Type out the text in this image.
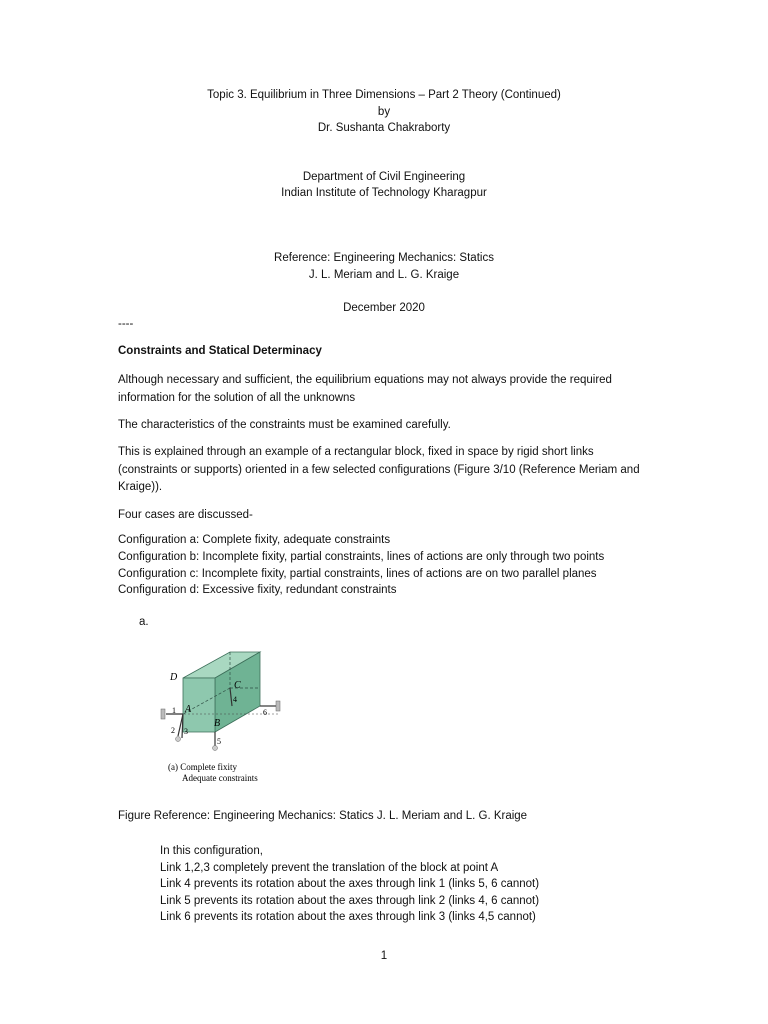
Topic 3. Equilibrium in Three Dimensions – Part 2 Theory (Continued)
by
Dr. Sushanta Chakraborty
Department of Civil Engineering
Indian Institute of Technology Kharagpur
Reference: Engineering Mechanics: Statics
J. L. Meriam and L. G. Kraige
December 2020
----
Constraints and Statical Determinacy
Although necessary and sufficient, the equilibrium equations may not always provide the required information for the solution of all the unknowns
The characteristics of the constraints must be examined carefully.
This is explained through an example of a rectangular block, fixed in space by rigid short links (constraints or supports) oriented in a few selected configurations (Figure 3/10 (Reference Meriam and Kraige)).
Four cases are discussed-
Configuration a: Complete fixity, adequate constraints
Configuration b: Incomplete fixity, partial constraints, lines of actions are only through two points
Configuration c: Incomplete fixity, partial constraints, lines of actions are on two parallel planes
Configuration d: Excessive fixity, redundant constraints
a.
D
C
A
B
1
2 3
4
5
6
(a) Complete fixity
Adequate constraints
Figure Reference: Engineering Mechanics: Statics J. L. Meriam and L. G. Kraige
In this configuration,
Link 1,2,3 completely prevent the translation of the block at point A
Link 4 prevents its rotation about the axes through link 1 (links 5, 6 cannot)
Link 5 prevents its rotation about the axes through link 2 (links 4, 6 cannot)
Link 6 prevents its rotation about the axes through link 3 (links 4,5 cannot)
1
